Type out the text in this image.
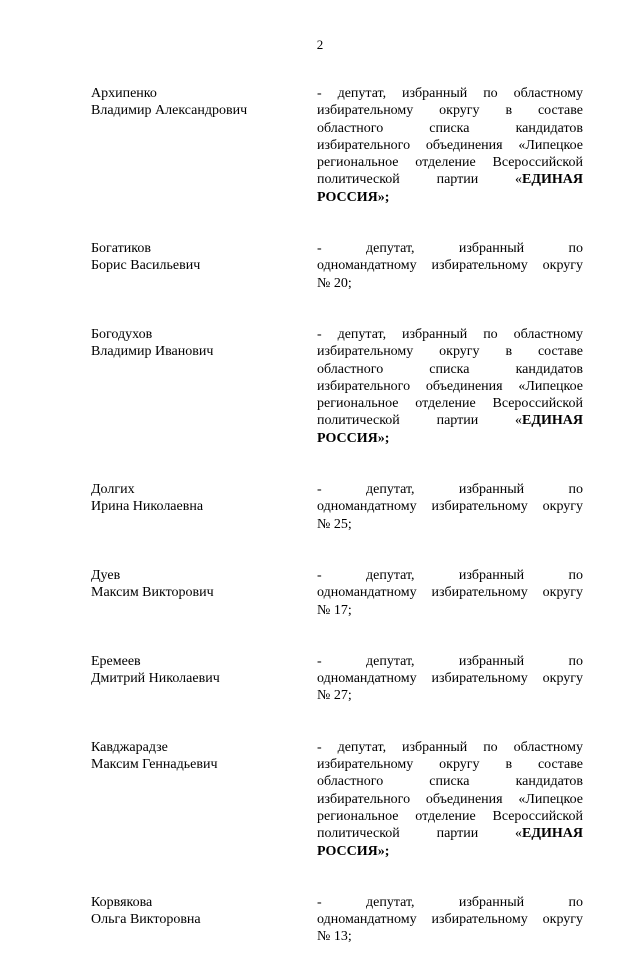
2
Архипенко
Владимир Александрович
- депутат, избранный по областному
избирательному округу в составе
областного списка кандидатов
избирательного объединения «Липецкое
региональное отделение Всероссийской
политической партии «ЕДИНАЯ
РОССИЯ»;
Богатиков
Борис Васильевич
- депутат, избранный по
одномандатному избирательному округу
№ 20;
Богодухов
Владимир Иванович
- депутат, избранный по областному
избирательному округу в составе
областного списка кандидатов
избирательного объединения «Липецкое
региональное отделение Всероссийской
политической партии «ЕДИНАЯ
РОССИЯ»;
Долгих
Ирина Николаевна
- депутат, избранный по
одномандатному избирательному округу
№ 25;
Дуев
Максим Викторович
- депутат, избранный по
одномандатному избирательному округу
№ 17;
Еремеев
Дмитрий Николаевич
- депутат, избранный по
одномандатному избирательному округу
№ 27;
Кавджарадзе
Максим Геннадьевич
- депутат, избранный по областному
избирательному округу в составе
областного списка кандидатов
избирательного объединения «Липецкое
региональное отделение Всероссийской
политической партии «ЕДИНАЯ
РОССИЯ»;
Корвякова
Ольга Викторовна
- депутат, избранный по
одномандатному избирательному округу
№ 13;
